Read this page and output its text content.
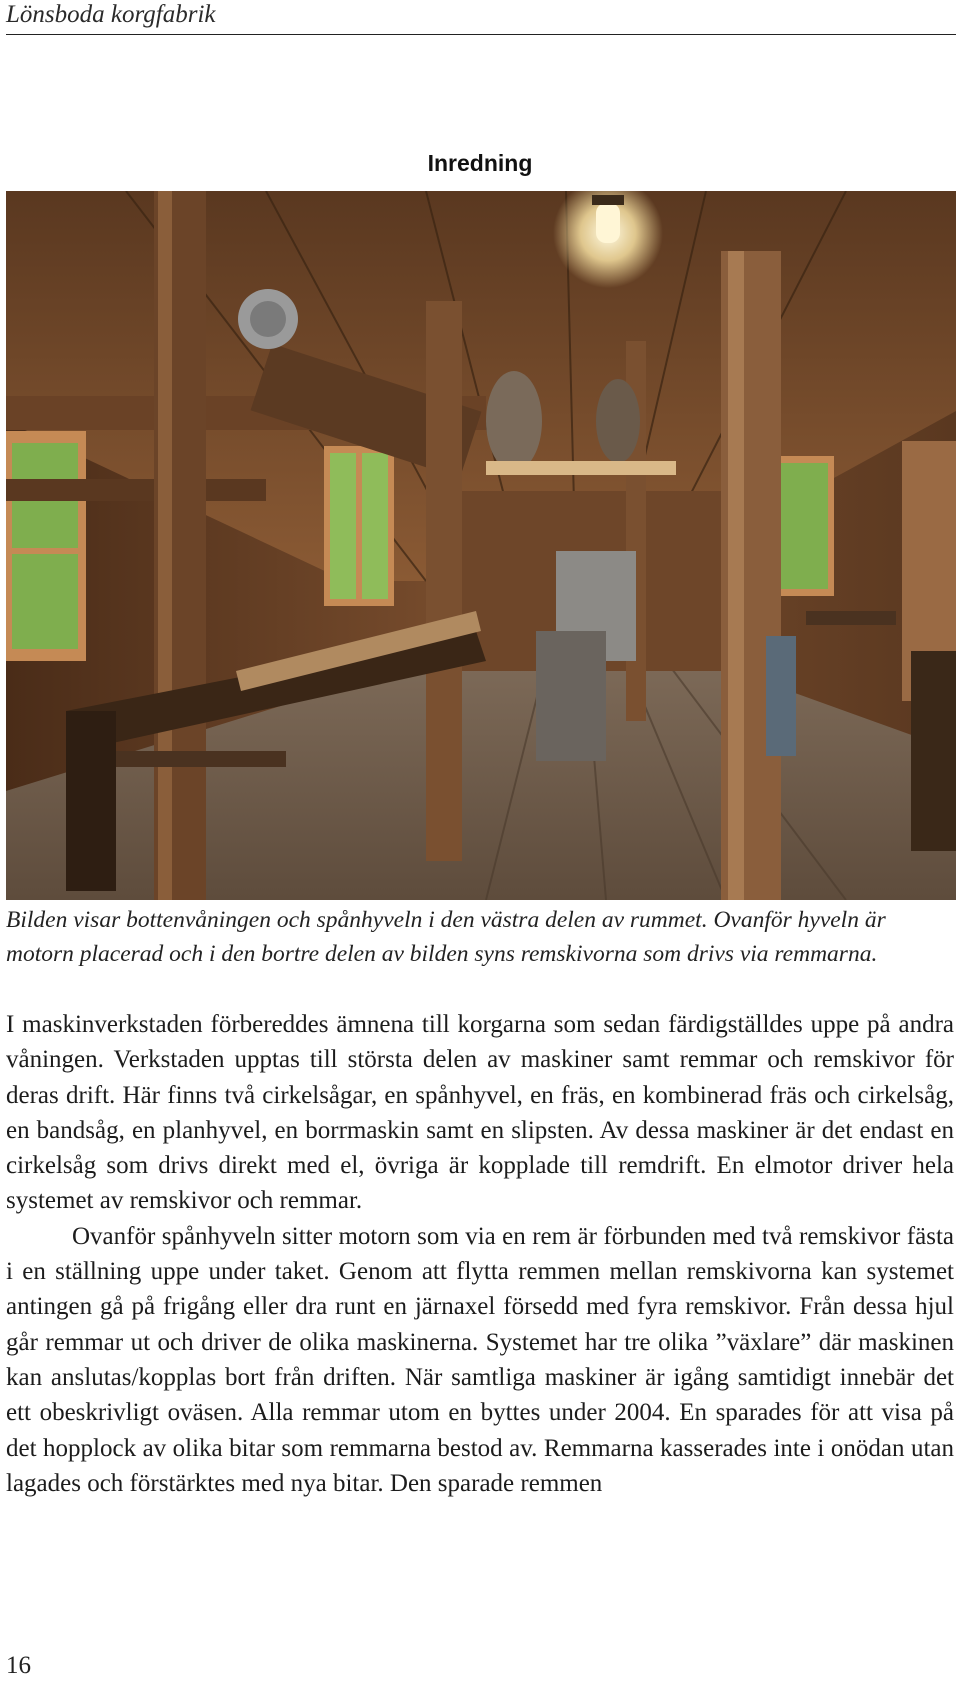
Lönsboda korgfabrik
Inredning
Bilden visar bottenvåningen och spånhyveln i den västra delen av rummet. Ovanför hyveln är motorn placerad och i den bortre delen av bilden syns remskivorna som drivs via remmarna.

I maskinverkstaden förbereddes ämnena till korgarna som sedan färdigställdes uppe på andra våningen. Verkstaden upptas till största delen av maskiner samt remmar och remskivor för deras drift. Här finns två cirkelsågar, en spånhyvel, en fräs, en kombinerad fräs och cirkelsåg, en bandsåg, en planhyvel, en borrmaskin samt en slipsten. Av dessa maskiner är det endast en cirkelsåg som drivs direkt med el, övriga är kopplade till remdrift. En elmotor driver hela systemet av remskivor och remmar.

Ovanför spånhyveln sitter motorn som via en rem är förbunden med två remskivor fästa i en ställning uppe under taket. Genom att flytta remmen mellan remskivorna kan systemet antingen gå på frigång eller dra runt en järnaxel försedd med fyra remskivor. Från dessa hjul går remmar ut och driver de olika maskinerna. Systemet har tre olika ”växlare” där maskinen kan anslutas/kopplas bort från driften. När samtliga maskiner är igång samtidigt innebär det ett obeskrivligt oväsen. Alla remmar utom en byttes under 2004. En sparades för att visa på det hopplock av olika bitar som remmarna bestod av. Remmarna kasserades inte i onödan utan lagades och förstärktes med nya bitar. Den sparade remmen

16
